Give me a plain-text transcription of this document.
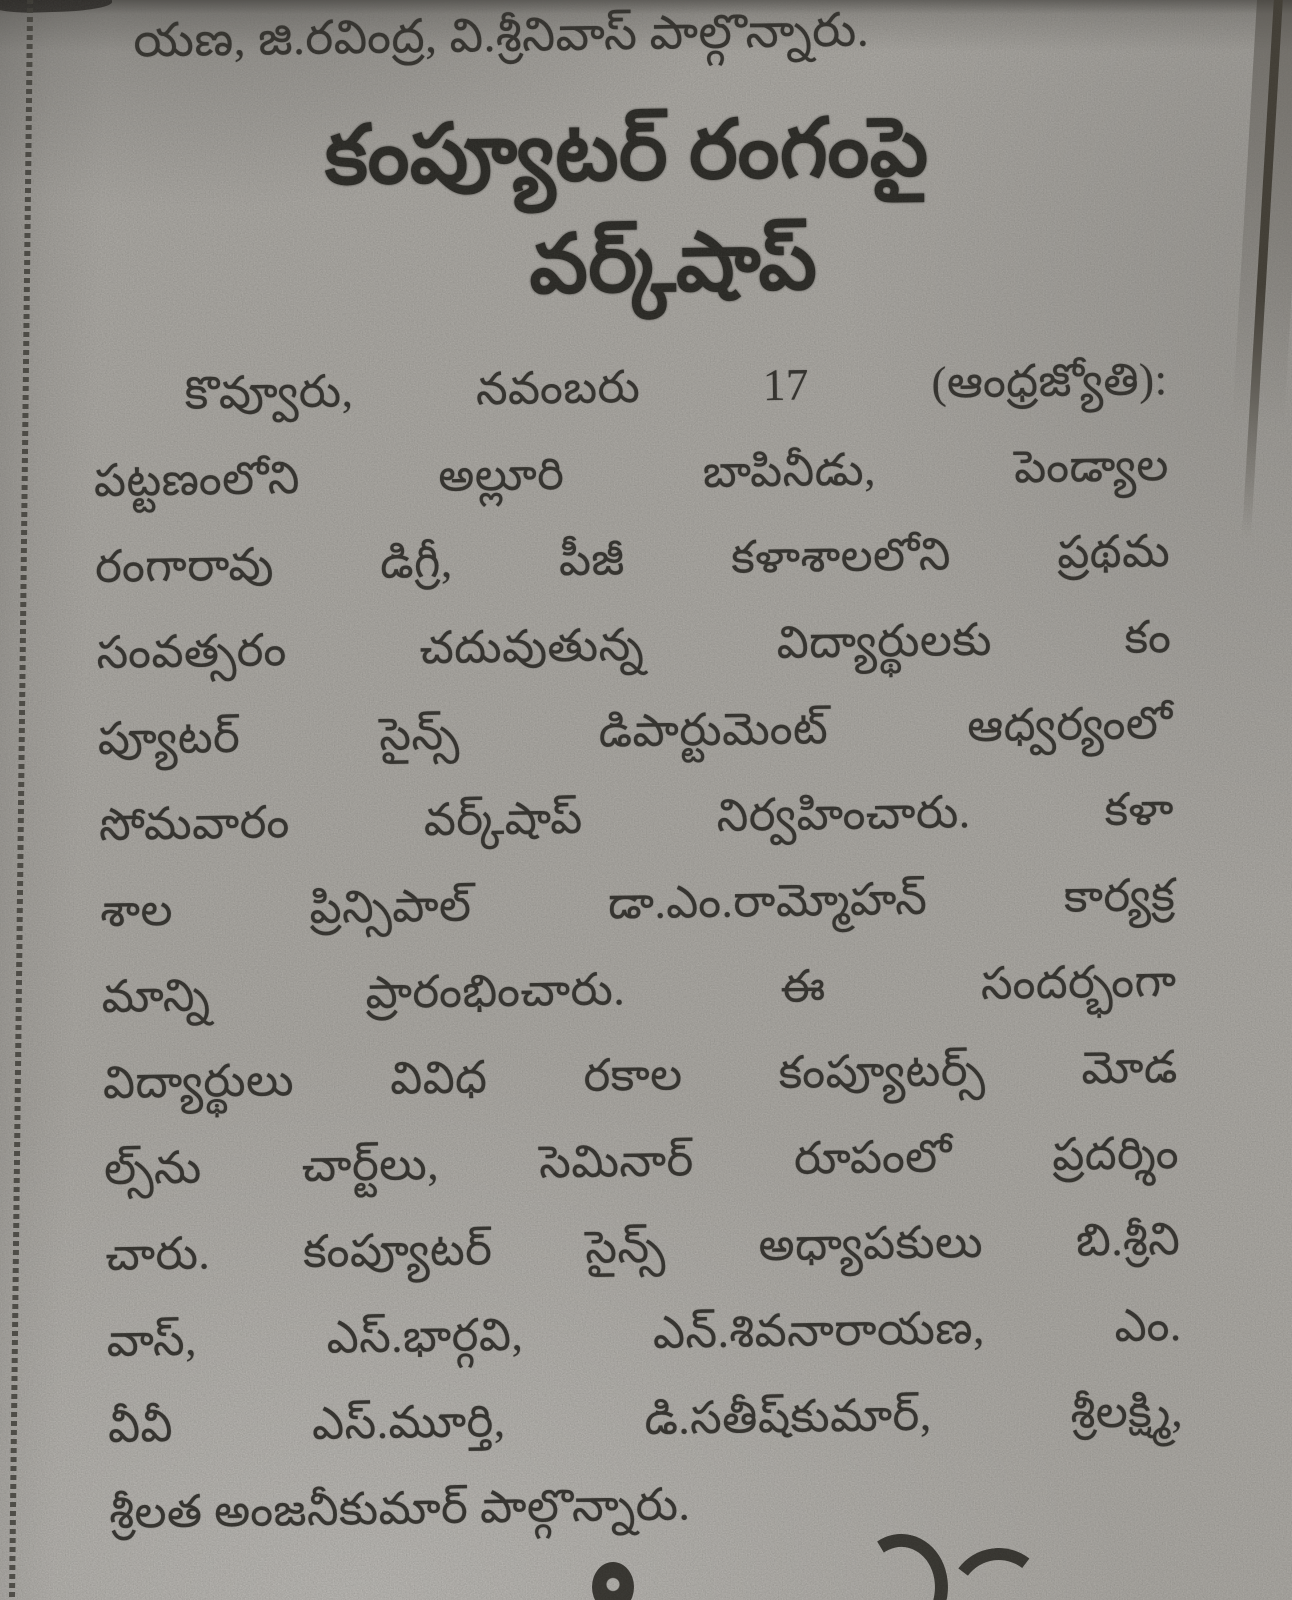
యణ, జి.రవింద్ర, వి.శ్రీనివాస్ పాల్గొన్నారు.
కంప్యూటర్ రంగంపై
వర్క్‌షాప్
కొవ్వూరు, నవంబరు 17 (ఆంధ్రజ్యోతి):
పట్టణంలోని అల్లూరి బాపినీడు, పెండ్యాల
రంగారావు డిగ్రీ, పీజీ కళాశాలలోని ప్రథమ
సంవత్సరం చదువుతున్న విద్యార్థులకు కం
ప్యూటర్ సైన్స్ డిపార్టుమెంట్ ఆధ్వర్యంలో
సోమవారం వర్క్‌షాప్ నిర్వహించారు. కళా
శాల ప్రిన్సిపాల్ డా.ఎం.రామ్మోహన్ కార్యక్ర
మాన్ని ప్రారంభించారు. ఈ సందర్భంగా
విద్యార్థులు వివిధ రకాల కంప్యూటర్స్ మోడ
ల్స్‌ను చార్ట్‌లు, సెమినార్ రూపంలో ప్రదర్శిం
చారు. కంప్యూటర్ సైన్స్ అధ్యాపకులు బి.శ్రీని
వాస్, ఎస్.భార్గవి, ఎన్.శివనారాయణ, ఎం.
వీవీ ఎస్.మూర్తి, డి.సతీష్‌కుమార్, శ్రీలక్ష్మి,
శ్రీలత అంజనీకుమార్ పాల్గొన్నారు.
